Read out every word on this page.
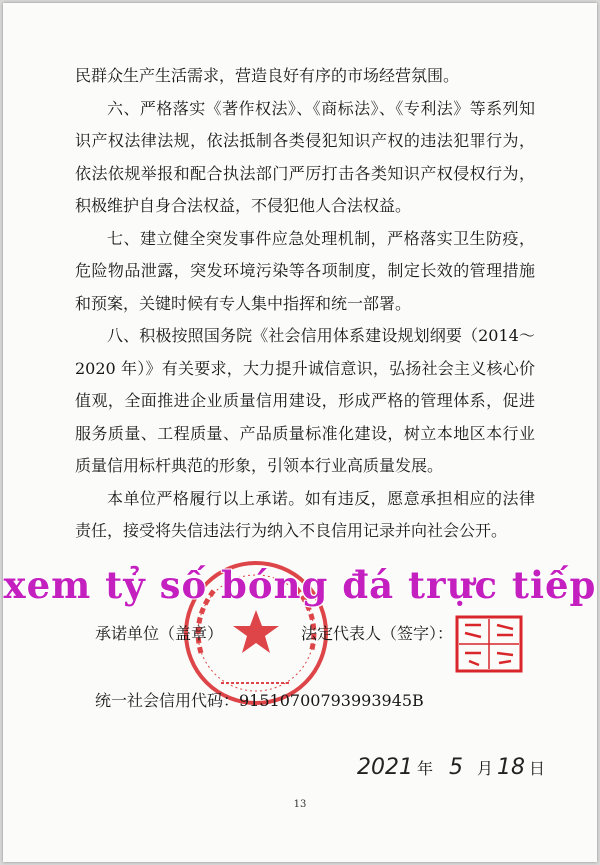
民群众生产生活需求，营造良好有序的市场经营氛围。

六、严格落实《著作权法》、《商标法》、《专利法》等系列知识产权法律法规，依法抵制各类侵犯知识产权的违法犯罪行为，依法依规举报和配合执法部门严厉打击各类知识产权侵权行为，积极维护自身合法权益，不侵犯他人合法权益。

七、建立健全突发事件应急处理机制，严格落实卫生防疫，危险物品泄露，突发环境污染等各项制度，制定长效的管理措施和预案，关键时候有专人集中指挥和统一部署。

八、积极按照国务院《社会信用体系建设规划纲要（2014～2020 年）》有关要求，大力提升诚信意识，弘扬社会主义核心价值观，全面推进企业质量信用建设，形成严格的管理体系，促进服务质量、工程质量、产品质量标准化建设，树立本地区本行业质量信用标杆典范的形象，引领本行业高质量发展。

本单位严格履行以上承诺。如有违反，愿意承担相应的法律责任，接受将失信违法行为纳入不良信用记录并向社会公开。

承诺单位（盖章）	法定代表人（签字）：
统一社会信用代码：91510700793993945B
2021 年 5 月 18 日
13
xem tỷ số bóng đá trực tiếp
